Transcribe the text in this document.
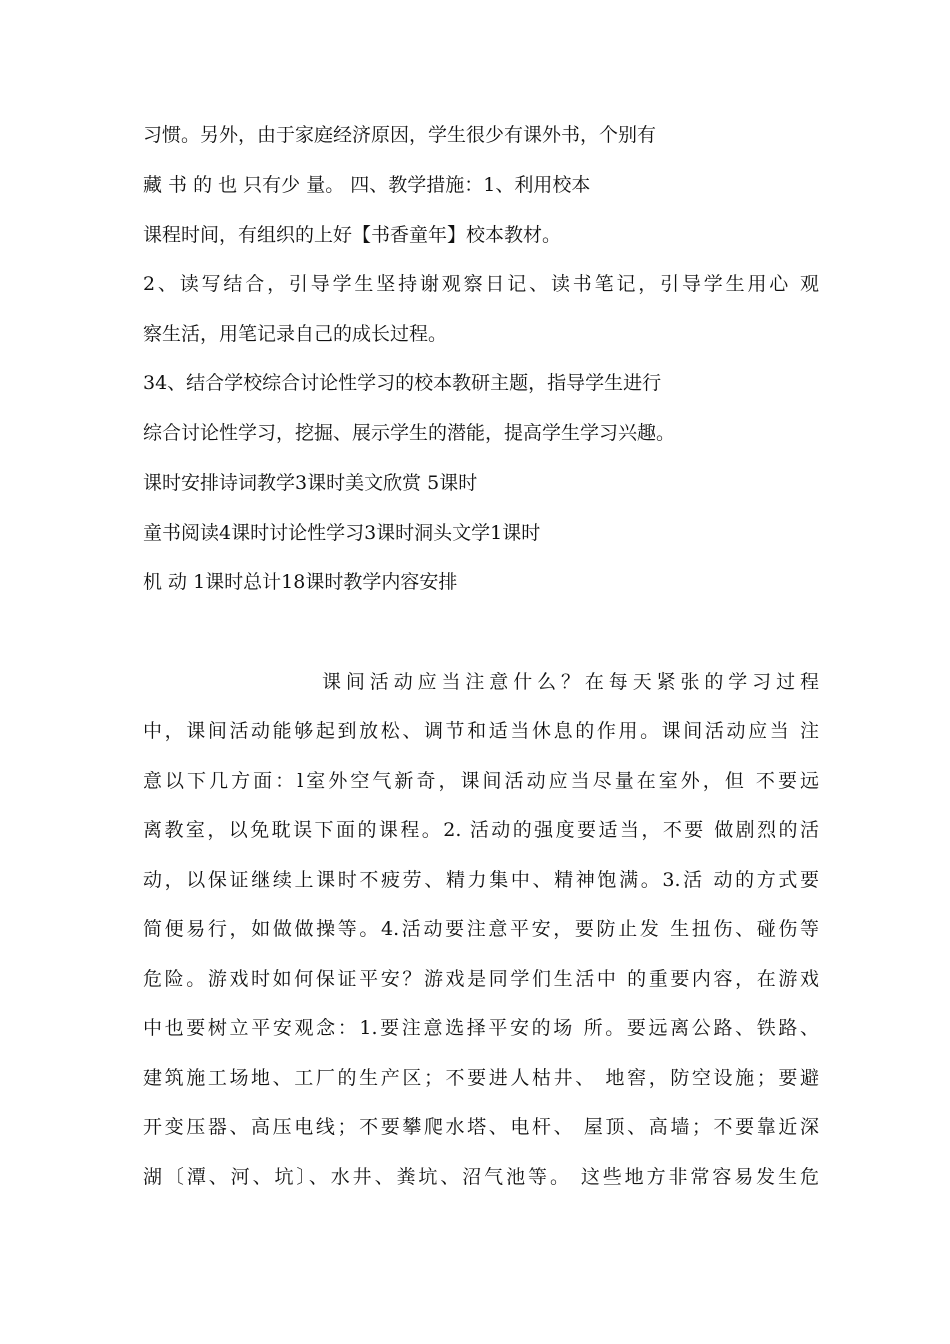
习惯。另外，由于家庭经济原因，学生很少有课外书，个别有
藏 书 的 也 只有少 量。 四、教学措施：1、利用校本
课程时间，有组织的上好【书香童年】校本教材。
2、读写结合，引导学生坚持谢观察日记、读书笔记，引导学生用心 观
察生活，用笔记录自己的成长过程。
34、结合学校综合讨论性学习的校本教研主题，指导学生进行
综合讨论性学习，挖掘、展示学生的潜能，提高学生学习兴趣。
课时安排诗词教学3课时美文欣赏 5课时
童书阅读4课时讨论性学习3课时洞头文学1课时
机 动 1课时总计18课时教学内容安排
课间活动应当注意什么？在每天紧张的学习过程
中，课间活动能够起到放松、调节和适当休息的作用。课间活动应当 注
意以下几方面：l室外空气新奇，课间活动应当尽量在室外，但 不要远
离教室，以免耽误下面的课程。2. 活动的强度要适当，不要 做剧烈的活
动，以保证继续上课时不疲劳、精力集中、精神饱满。3.活 动的方式要
简便易行，如做做操等。4.活动要注意平安，要防止发 生扭伤、碰伤等
危险。游戏时如何保证平安？游戏是同学们生活中 的重要内容，在游戏
中也要树立平安观念：1.要注意选择平安的场 所。要远离公路、铁路、
建筑施工场地、工厂的生产区；不要进人枯井、 地窖，防空设施；要避
开变压器、高压电线；不要攀爬水塔、电杆、 屋顶、高墙；不要靠近深
湖〔潭、河、坑〕、水井、粪坑、沼气池等。 这些地方非常容易发生危
